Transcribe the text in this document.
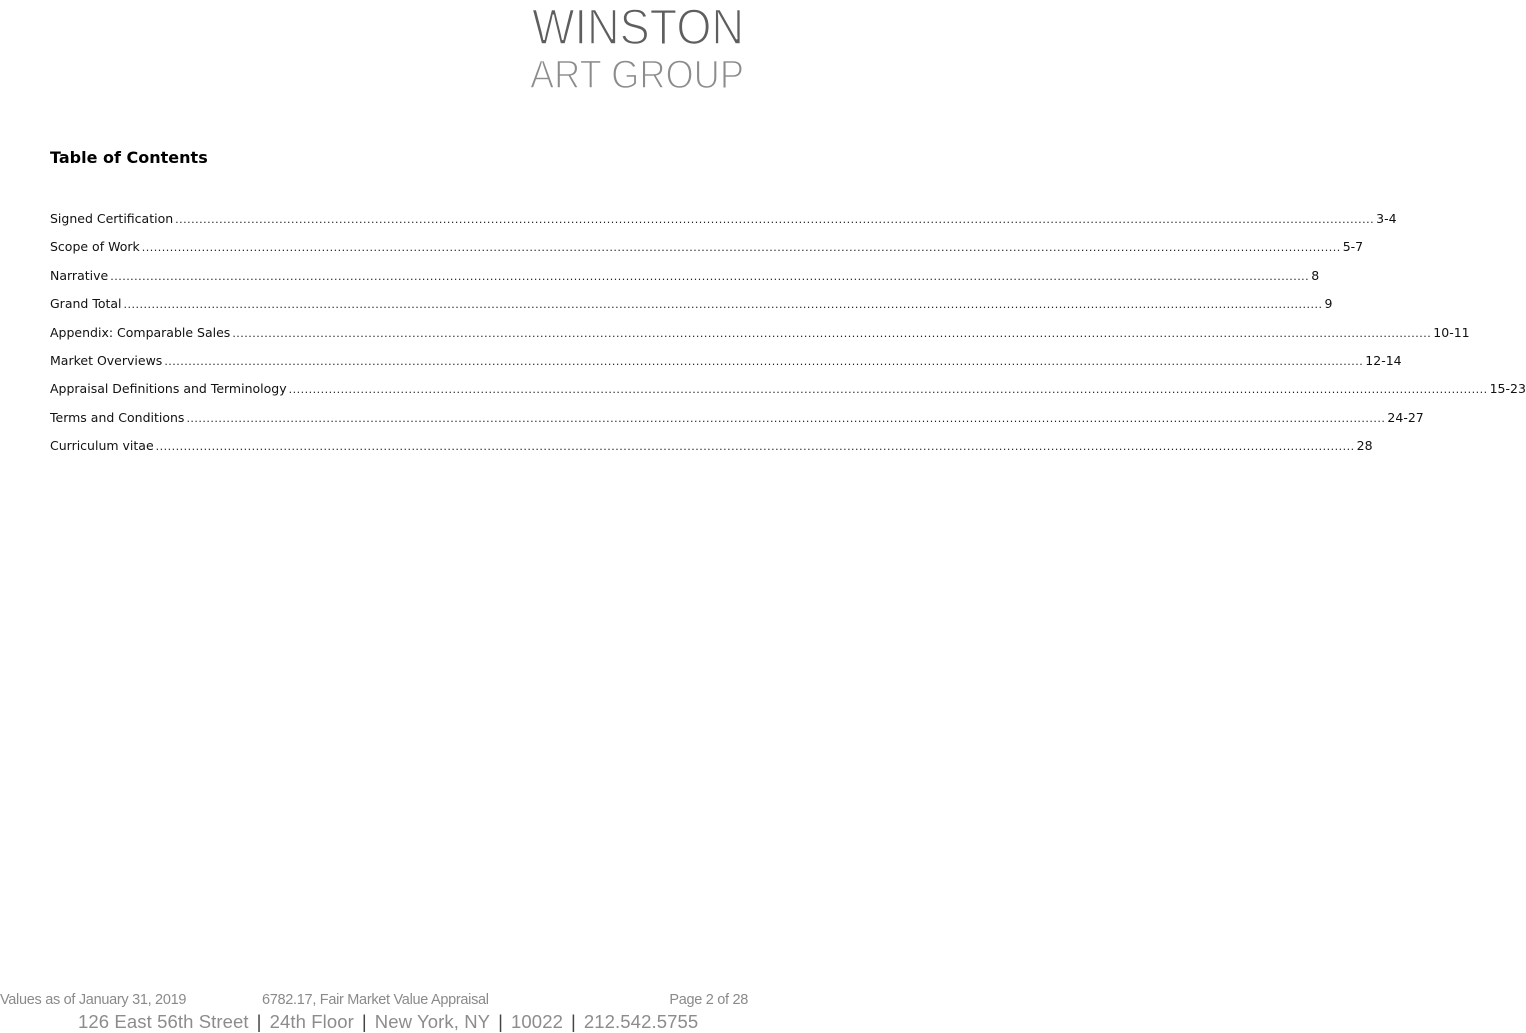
WINSTON
ART GROUP
Table of Contents
Signed Certification ............................................................................................................................................................................................................................................................................................................ 3-4
Scope of Work ............................................................................................................................................................................................................................................................................................................ 5-7
Narrative ............................................................................................................................................................................................................................................................................................................ 8
Grand Total ............................................................................................................................................................................................................................................................................................................ 9
Appendix: Comparable Sales ............................................................................................................................................................................................................................................................................................................ 10-11
Market Overviews ............................................................................................................................................................................................................................................................................................................ 12-14
Appraisal Definitions and Terminology ............................................................................................................................................................................................................................................................................................................ 15-23
Terms and Conditions ............................................................................................................................................................................................................................................................................................................ 24-27
Curriculum vitae ............................................................................................................................................................................................................................................................................................................ 28
Values as of January 31, 2019	6782.17, Fair Market Value Appraisal	Page 2 of 28
126 East 56th Street | 24th Floor | New York, NY | 10022 | 212.542.5755
